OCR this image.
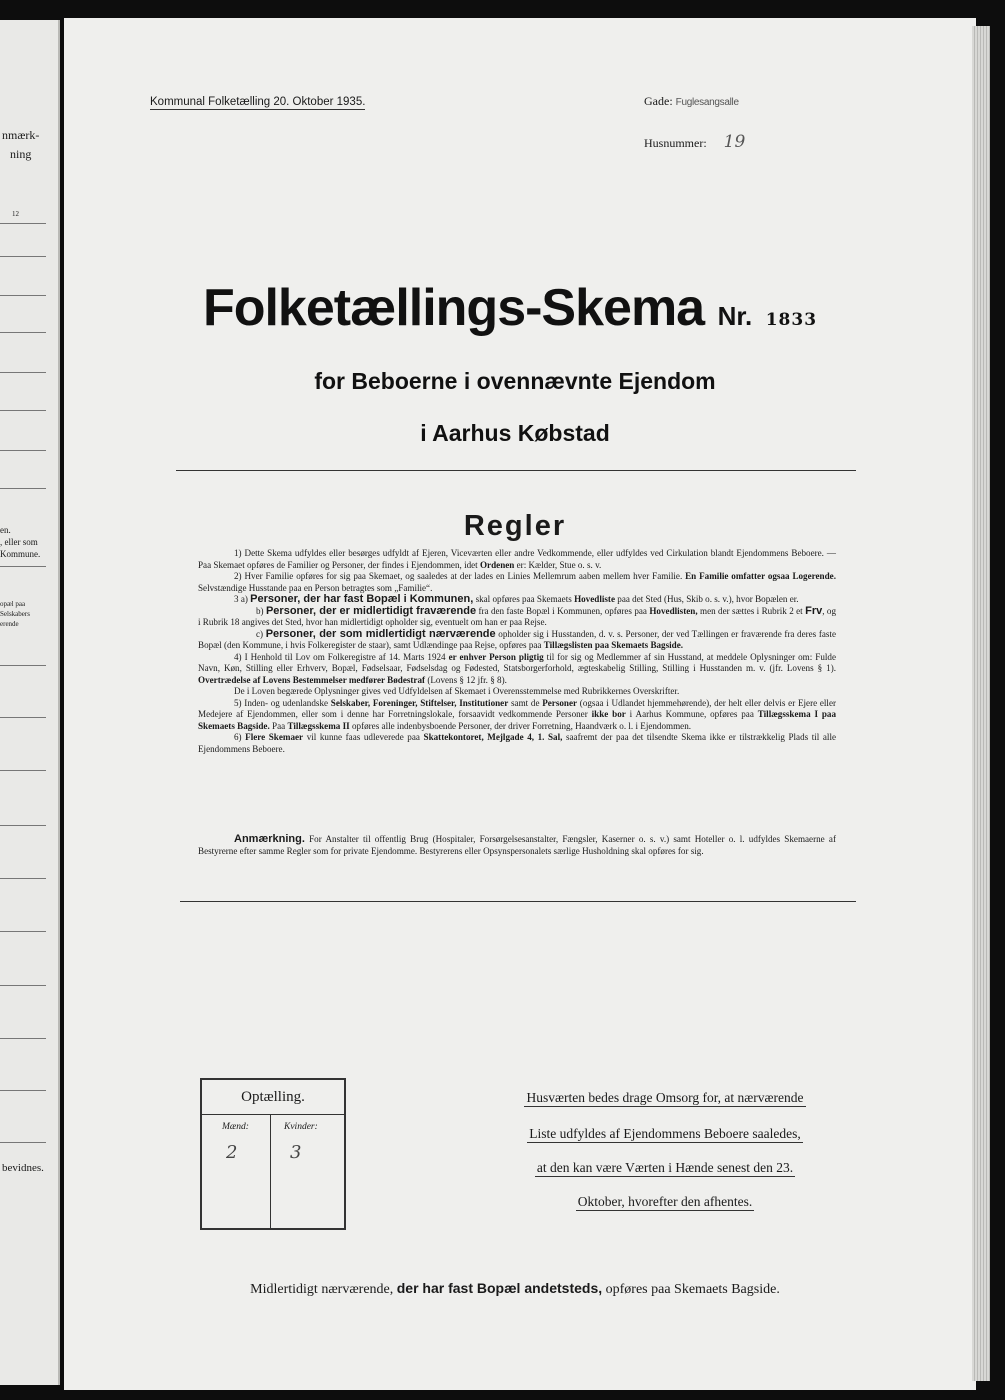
nmærk-
ning
12
en.
, eller som
Kommune.
opæl paa
Selskabers
erende
bevidnes.
Kommunal Folketælling 20. Oktober 1935.	Gade: Fuglesangsalle
Husnummer: 19
Folketællings-Skema Nr. 1833
for Beboerne i ovennævnte Ejendom
i Aarhus Købstad
Regler

1) Dette Skema udfyldes eller besørges udfyldt af Ejeren, Viceværten eller andre Vedkommende, eller udfyldes ved Cirkulation blandt Ejendommens Beboere. — Paa Skemaet opføres de Familier og Personer, der findes i Ejendommen, idet Ordenen er: Kælder, Stue o. s. v.

2) Hver Familie opføres for sig paa Skemaet, og saaledes at der lades en Linies Mellemrum aaben mellem hver Familie. En Familie omfatter ogsaa Logerende. Selvstændige Husstande paa en Person betragtes som „Familie“.

3 a) Personer, der har fast Bopæl i Kommunen, skal opføres paa Skemaets Hovedliste paa det Sted (Hus, Skib o. s. v.), hvor Bopælen er.

b) Personer, der er midlertidigt fraværende fra den faste Bopæl i Kommunen, opføres paa Hovedlisten, men der sættes i Rubrik 2 et Frv, og i Rubrik 18 angives det Sted, hvor han midlertidigt opholder sig, eventuelt om han er paa Rejse.

c) Personer, der som midlertidigt nærværende opholder sig i Husstanden, d. v. s. Personer, der ved Tællingen er fraværende fra deres faste Bopæl (den Kommune, i hvis Folkeregister de staar), samt Udlændinge paa Rejse, opføres paa Tillægslisten paa Skemaets Bagside.

4) I Henhold til Lov om Folkeregistre af 14. Marts 1924 er enhver Person pligtig til for sig og Medlemmer af sin Husstand, at meddele Oplysninger om: Fulde Navn, Køn, Stilling eller Erhverv, Bopæl, Fødselsaar, Fødselsdag og Fødested, Statsborgerforhold, ægteskabelig Stilling, Stilling i Husstanden m. v. (jfr. Lovens § 1). Overtrædelse af Lovens Bestemmelser medfører Bødestraf (Lovens § 12 jfr. § 8).

De i Loven begærede Oplysninger gives ved Udfyldelsen af Skemaet i Overensstemmelse med Rubrikkernes Overskrifter.

5) Inden- og udenlandske Selskaber, Foreninger, Stiftelser, Institutioner samt de Personer (ogsaa i Udlandet hjemmehørende), der helt eller delvis er Ejere eller Medejere af Ejendommen, eller som i denne har Forretningslokale, forsaavidt vedkommende Personer ikke bor i Aarhus Kommune, opføres paa Tillægsskema I paa Skemaets Bagside. Paa Tillægsskema II opføres alle indenbysboende Personer, der driver Forretning, Haandværk o. l. i Ejendommen.

6) Flere Skemaer vil kunne faas udleverede paa Skattekontoret, Mejlgade 4, 1. Sal, saafremt der paa det tilsendte Skema ikke er tilstrækkelig Plads til alle Ejendommens Beboere.

Anmærkning. For Anstalter til offentlig Brug (Hospitaler, Forsørgelsesanstalter, Fængsler, Kaserner o. s. v.) samt Hoteller o. l. udfyldes Skemaerne af Bestyrerne efter samme Regler som for private Ejendomme. Bestyrerens eller Opsynspersonalets særlige Husholdning skal opføres for sig.

Optælling.
Mænd:	Kvinder:
2	3
Husværten bedes drage Omsorg for, at nærværende
Liste udfyldes af Ejendommens Beboere saaledes,
at den kan være Værten i Hænde senest den 23.
Oktober, hvorefter den afhentes.
Midlertidigt nærværende, der har fast Bopæl andetsteds, opføres paa Skemaets Bagside.
